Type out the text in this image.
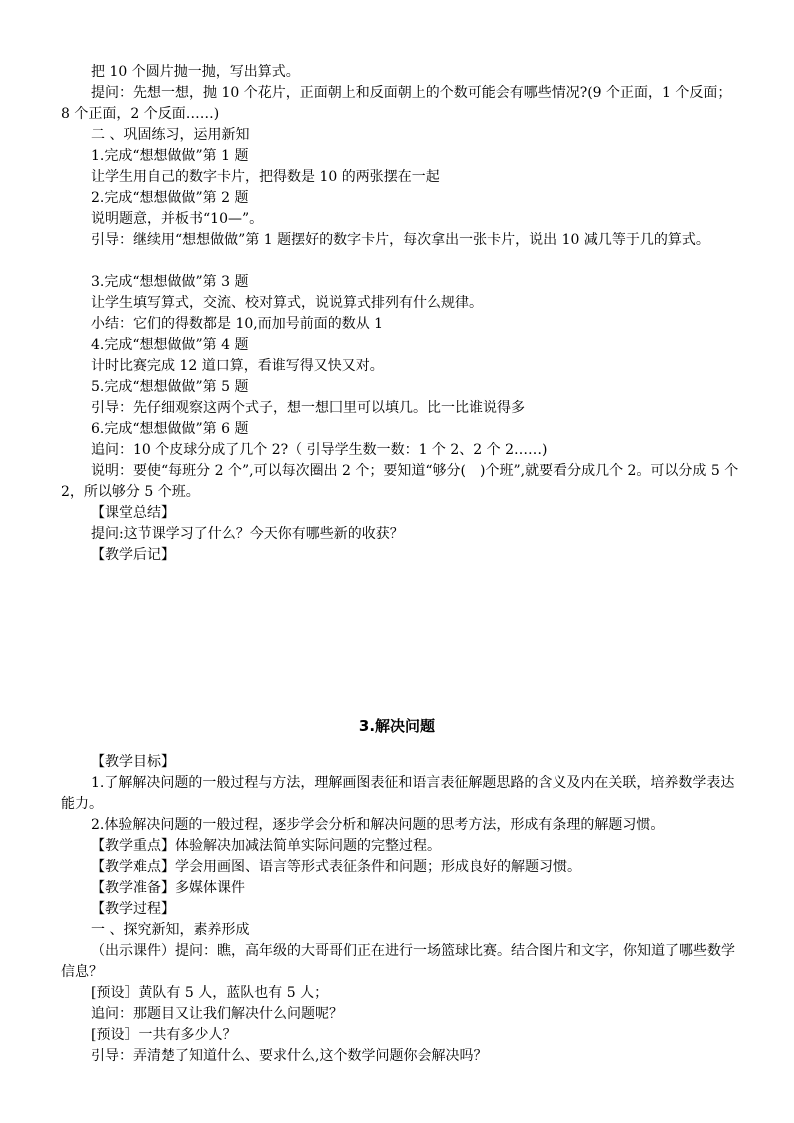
把 10 个圆片抛一抛，写出算式。
提问：先想一想，抛 10 个花片，正面朝上和反面朝上的个数可能会有哪些情况?(9 个正面，1 个反面； 8 个正面，2 个反面……)
二 、巩固练习，运用新知
1.完成“想想做做”第 1 题
让学生用自己的数字卡片，把得数是 10 的两张摆在一起
2.完成“想想做做”第 2 题
说明题意，并板书“10—”。
引导：继续用“想想做做”第 1 题摆好的数字卡片，每次拿出一张卡片，说出 10 减几等于几的算式。
3.完成“想想做做”第 3 题
让学生填写算式，交流、校对算式，说说算式排列有什么规律。
小结：它们的得数都是 10,而加号前面的数从 1
4.完成“想想做做”第 4 题
计时比赛完成 12 道口算，看谁写得又快又对。
5.完成“想想做做”第 5 题
引导：先仔细观察这两个式子，想一想囗里可以填几。比一比谁说得多
6.完成“想想做做”第 6 题
追问：10 个皮球分成了几个 2?（ 引导学生数一数：1 个 2、2 个 2……)
说明：要使“每班分 2 个”,可以每次圈出 2 个；要知道“够分(　)个班”,就要看分成几个 2。可以分成 5 个 2，所以够分 5 个班。
【课堂总结】
提问:这节课学习了什么？今天你有哪些新的收获？
【教学后记】
3.解决问题
【教学目标】
1.了解解决问题的一般过程与方法，理解画图表征和语言表征解题思路的含义及内在关联，培养数学表达能力。
2.体验解决问题的一般过程，逐步学会分析和解决问题的思考方法，形成有条理的解题习惯。
【教学重点】体验解决加减法简单实际问题的完整过程。
【教学难点】学会用画图、语言等形式表征条件和问题；形成良好的解题习惯。
【教学准备】多媒体课件
【教学过程】
一 、探究新知，素养形成
（出示课件）提问：瞧，高年级的大哥哥们正在进行一场篮球比赛。结合图片和文字，你知道了哪些数学信息？
[预设］黄队有 5 人，蓝队也有 5 人；
追问：那题目又让我们解决什么问题呢？
[预设］一共有多少人？
引导：弄清楚了知道什么、要求什么,这个数学问题你会解决吗？
